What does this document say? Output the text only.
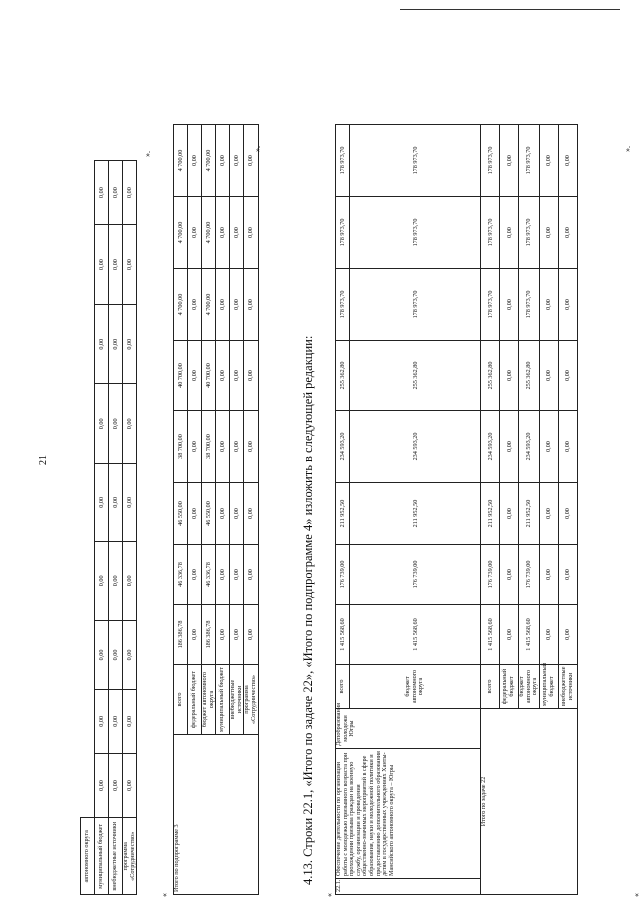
21
	автономного округа									
муниципальный бюджет	0,00	0,00	0,00	0,00	0,00	0,00	0,00	0,00	0,00
внебюджетные источники	0,00	0,00	0,00	0,00	0,00	0,00	0,00	0,00	0,00
программа «Сотрудничество»	0,00	0,00	0,00	0,00	0,00	0,00	0,00	0,00	0,00
».
«
Итого по подпрограмме 3	всего	186 386,78	46 336,78	46 550,00	38 700,00	40 700,00	4 700,00	4 700,00	4 700,00
	федеральный бюджет	0,00	0,00	0,00	0,00	0,00	0,00	0,00	0,00
	бюджет автономного округа	186 386,78	46 336,78	46 550,00	38 700,00	40 700,00	4 700,00	4 700,00	4 700,00
	муниципальный бюджет	0,00	0,00	0,00	0,00	0,00	0,00	0,00	0,00
	внебюджетные источники	0,00	0,00	0,00	0,00	0,00	0,00	0,00	0,00
	программа «Сотрудничество»	0,00	0,00	0,00	0,00	0,00	0,00	0,00	0,00
».
4.13. Строки 22.1, «Итого по задаче 22», «Итого по подпрограмме 4» изложить в следующей редакции:
«
22.1.	Обеспечение деятельности по организации работы с молодежью призывного возраста при прохождении призыва граждан на военную службу, организации и проведения общественно-значимых мероприятий в сфере образования, науки и молодежной политики и предоставлению дополнительного образования детям в государственных учреждениях Ханты-Мансийского автономного округа – Югры	Депобразования молодежи Югры	всего	1 415 568,60	176 739,00	211 952,50	234 593,20	255 362,80	178 973,70	178 973,70	178 973,70
			бюджет автономного округа	1 415 568,60	176 739,00	211 952,50	234 593,20	255 362,80	178 973,70	178 973,70	178 973,70
Итого по задаче 22			всего	1 415 568,60	176 739,00	211 952,50	234 593,20	255 362,80	178 973,70	178 973,70	178 973,70
			федеральный бюджет	0,00	0,00	0,00	0,00	0,00	0,00	0,00	0,00
			бюджет автономного округа	1 415 568,60	176 739,00	211 952,50	234 593,20	255 362,80	178 973,70	178 973,70	178 973,70
			муниципальный бюджет	0,00	0,00	0,00	0,00	0,00	0,00	0,00	0,00
			внебюджетные источники	0,00	0,00	0,00	0,00	0,00	0,00	0,00	0,00
».
«
